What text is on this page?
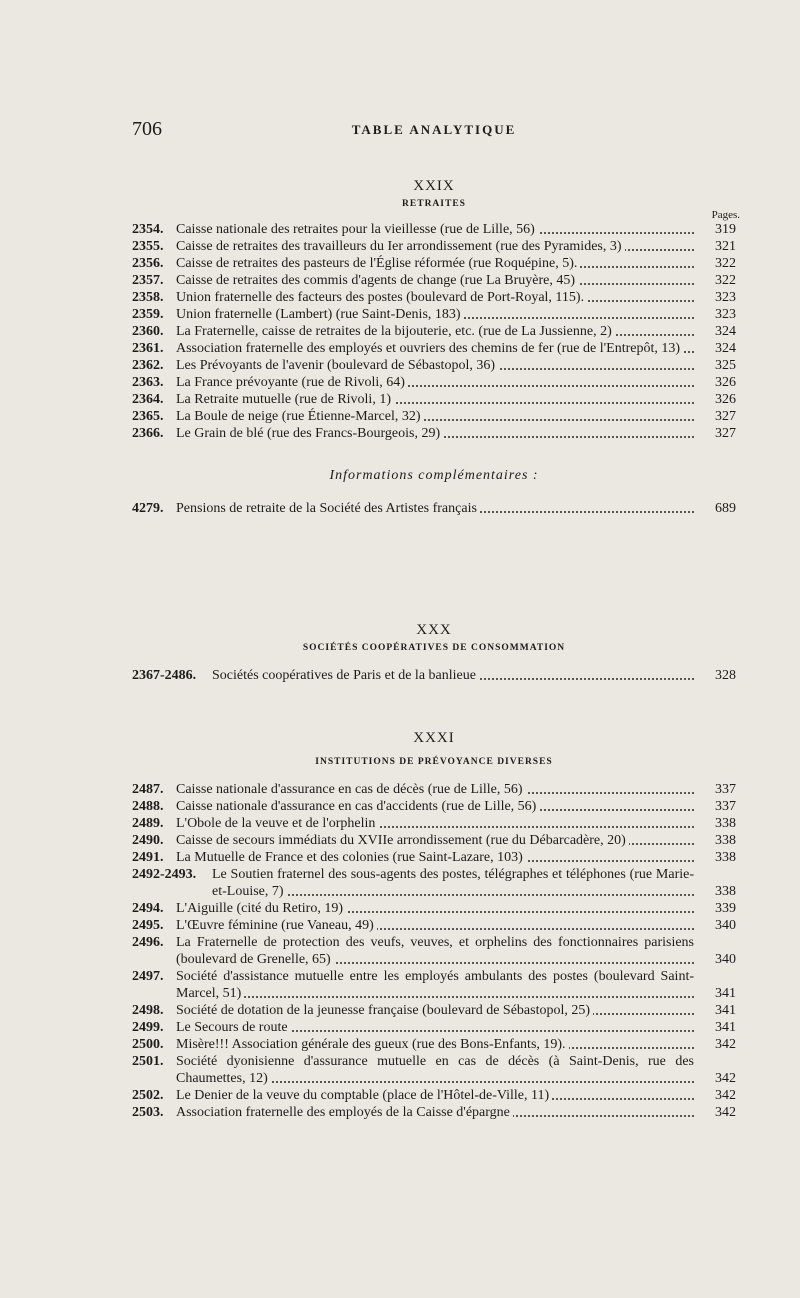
706	TABLE ANALYTIQUE
XXIX
RETRAITES
Pages.
2354. Caisse nationale des retraites pour la vieillesse (rue de Lille, 56)	319
2355. Caisse de retraites des travailleurs du Ier arrondissement (rue des Pyramides, 3)	321
2356. Caisse de retraites des pasteurs de l'Église réformée (rue Roquépine, 5).	322
2357. Caisse de retraites des commis d'agents de change (rue La Bruyère, 45)	322
2358. Union fraternelle des facteurs des postes (boulevard de Port-Royal, 115).	323
2359. Union fraternelle (Lambert) (rue Saint-Denis, 183)	323
2360. La Fraternelle, caisse de retraites de la bijouterie, etc. (rue de La Jussienne, 2)	324
2361. Association fraternelle des employés et ouvriers des chemins de fer (rue de l'Entrepôt, 13)	324
2362. Les Prévoyants de l'avenir (boulevard de Sébastopol, 36)	325
2363. La France prévoyante (rue de Rivoli, 64)	326
2364. La Retraite mutuelle (rue de Rivoli, 1)	326
2365. La Boule de neige (rue Étienne-Marcel, 32)	327
2366. Le Grain de blé (rue des Francs-Bourgeois, 29)	327
Informations complémentaires :
4279. Pensions de retraite de la Société des Artistes français	689
XXX
SOCIÉTÉS COOPÉRATIVES DE CONSOMMATION
2367-2486.	Sociétés coopératives de Paris et de la banlieue	328
XXXI
INSTITUTIONS DE PRÉVOYANCE DIVERSES
2487. Caisse nationale d'assurance en cas de décès (rue de Lille, 56)	337
2488. Caisse nationale d'assurance en cas d'accidents (rue de Lille, 56)	337
2489. L'Obole de la veuve et de l'orphelin	338
2490. Caisse de secours immédiats du XVIIe arrondissement (rue du Débarcadère, 20)	338
2491. La Mutuelle de France et des colonies (rue Saint-Lazare, 103)	338
2492-2493.	Le Soutien fraternel des sous-agents des postes, télégraphes et téléphones (rue Marie-et-Louise, 7)	338
2494. L'Aiguille (cité du Retiro, 19)	339
2495. L'Œuvre féminine (rue Vaneau, 49)	340
2496. La Fraternelle de protection des veufs, veuves, et orphelins des fonctionnaires parisiens (boulevard de Grenelle, 65)	340
2497. Société d'assistance mutuelle entre les employés ambulants des postes (boulevard Saint-Marcel, 51)	341
2498. Société de dotation de la jeunesse française (boulevard de Sébastopol, 25)	341
2499. Le Secours de route	341
2500. Misère!!! Association générale des gueux (rue des Bons-Enfants, 19).	342
2501. Société dyonisienne d'assurance mutuelle en cas de décès (à Saint-Denis, rue des Chaumettes, 12)	342
2502. Le Denier de la veuve du comptable (place de l'Hôtel-de-Ville, 11)	342
2503. Association fraternelle des employés de la Caisse d'épargne	342
